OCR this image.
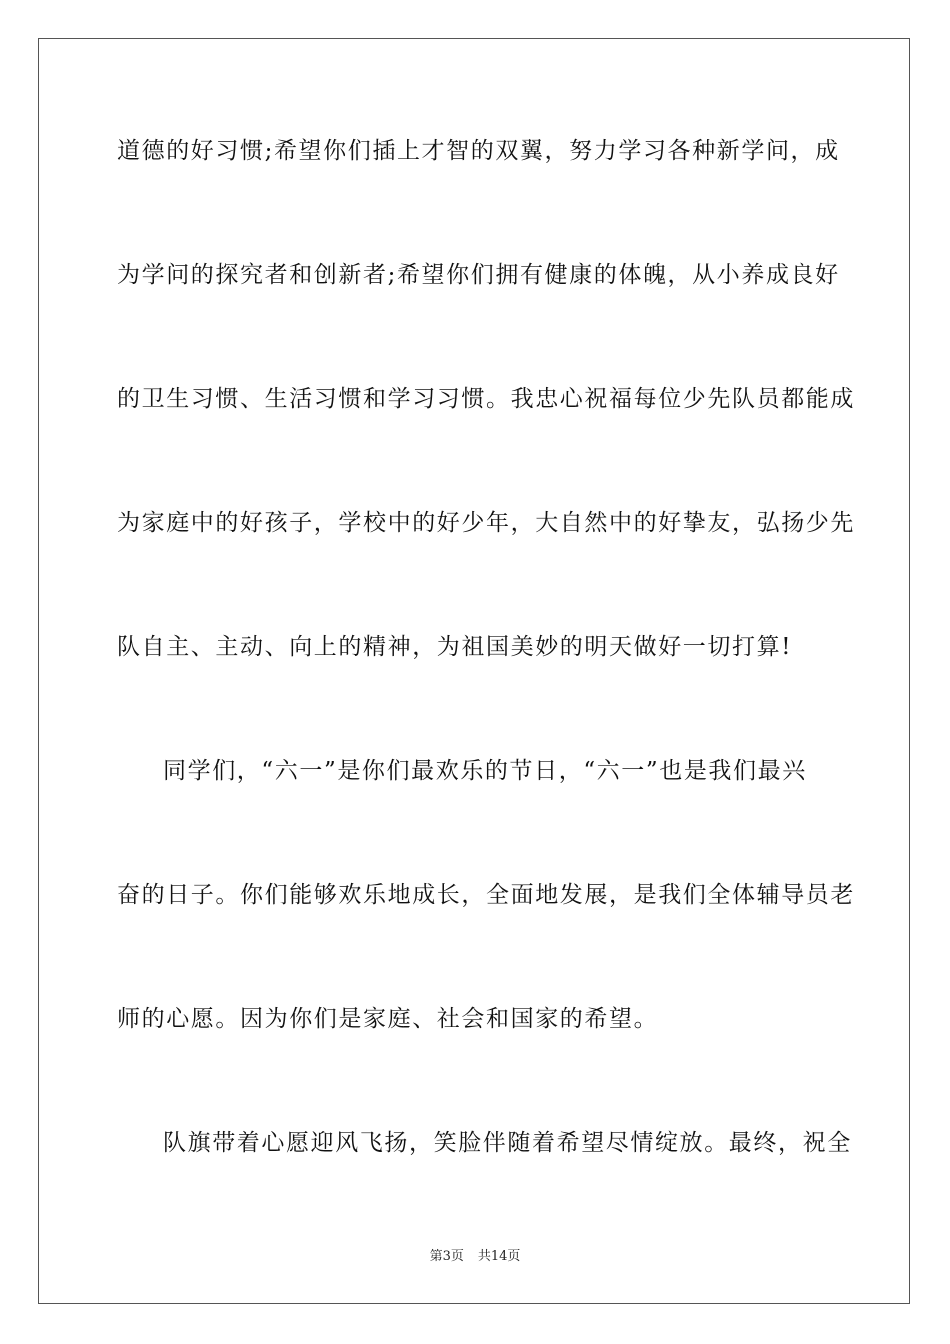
道德的好习惯;希望你们插上才智的双翼，努力学习各种新学问，成
为学问的探究者和创新者;希望你们拥有健康的体魄，从小养成良好
的卫生习惯、生活习惯和学习习惯。我忠心祝福每位少先队员都能成
为家庭中的好孩子，学校中的好少年，大自然中的好挚友，弘扬少先
队自主、主动、向上的精神，为祖国美妙的明天做好一切打算!
同学们，“六一”是你们最欢乐的节日，“六一”也是我们最兴
奋的日子。你们能够欢乐地成长，全面地发展，是我们全体辅导员老
师的心愿。因为你们是家庭、社会和国家的希望。
队旗带着心愿迎风飞扬，笑脸伴随着希望尽情绽放。最终，祝全
第3页 共14页
